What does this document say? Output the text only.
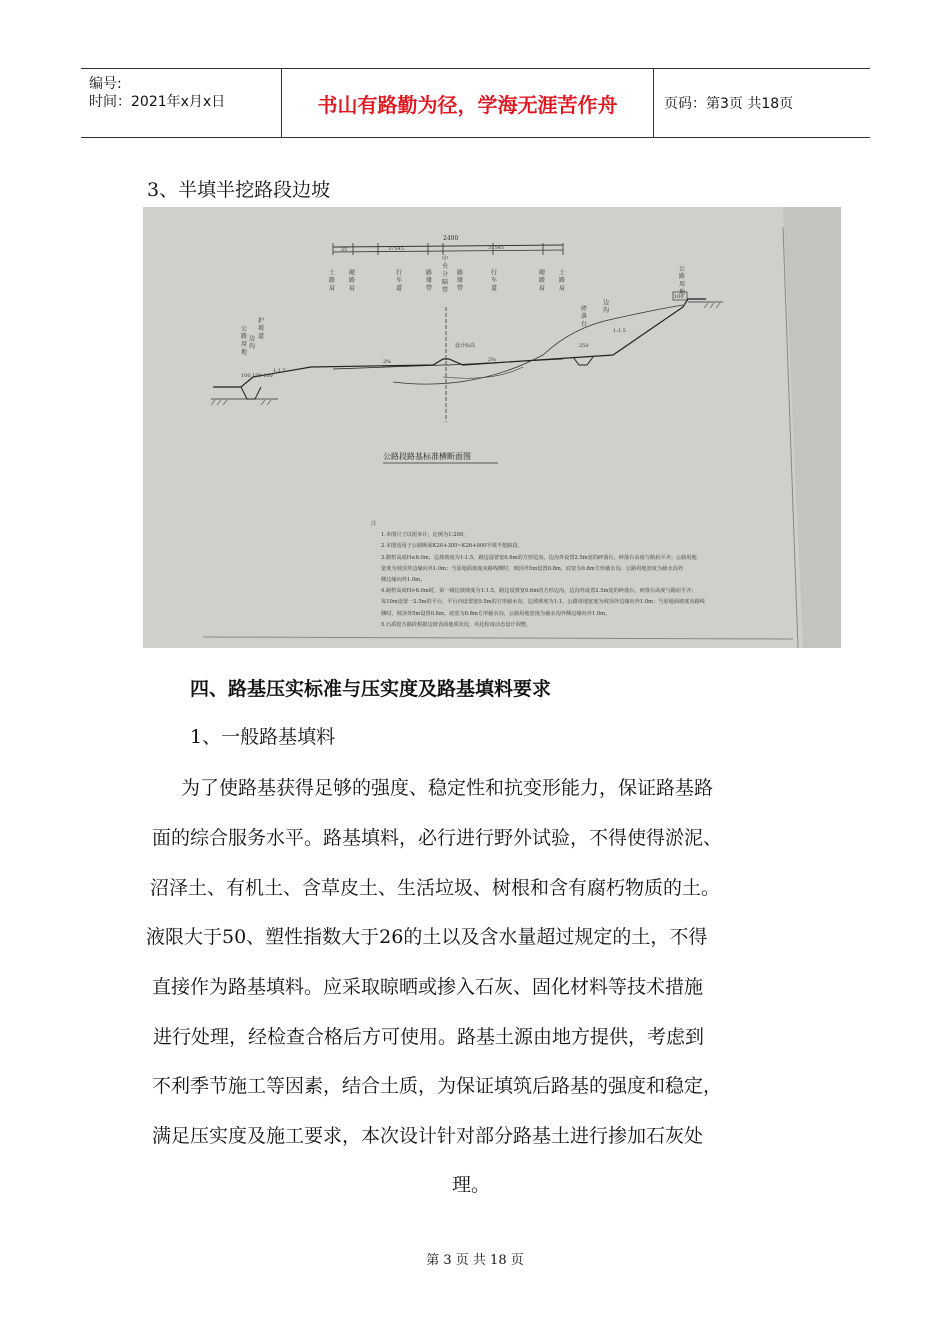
编号:
时间：2021年x月x日	书山有路勤为径，学海无涯苦作舟	页码：第3页 共18页
3、半填半挖路段边坡
2400
25	37545	37545
土 路 肩 硬 路 肩	行 车 道	路 缘 带 中 央 分 隔 带 路 缘 带	行 车 道	硬 路 肩 土 路 肩	公 路 用 地
碎 落 台	边 沟
公 路 用 地 护 坡 道
边 沟
100
1:1.5
1:1.5
250
100 100 100
设计标高
2%	2%
公路段路基标准横断面图
注
1.本图尺寸以厘米计，比例为1:200。
2.本图适用于公路断面K20+300~K26+000半填半挖路段。
3.路堑高度H≤6.0m，边坡坡度为1:1.5，路边设置宽0.6m的方形边沟，边沟外设置2.5m宽的碎落台，碎落台高度与路肩平齐；公路用地
宽度为坡顶外边缘向外1.0m；当原地面坡度向路线侧时，坡顶外5m设置0.8m，底宽为0.8m方形截水沟，公路用地宽度为截水沟外
侧边缘向外1.0m。
4.路堑高度H>6.0m时，第一级边坡坡度为1:1.5，路边设置宽0.6m的方形边沟，边沟外设置2.5m宽的碎落台，碎落台高度与路肩平齐；
每10m设置一2.5m的平台，平台内设置宽0.5m的方形截水沟，边坡坡度为1:1，公路用地宽度为坡顶外边缘向外1.0m；当原地面坡度向路线
侧时，坡顶外5m设置0.8m，底宽为0.8m方形截水沟，公路用地宽度为截水沟外侧边缘向外1.0m。
5.石质挖方路段根据边坡表面地质状况，风化程度动态设计调整。
四、路基压实标准与压实度及路基填料要求
1、一般路基填料
为了使路基获得足够的强度、稳定性和抗变形能力，保证路基路
面的综合服务水平。路基填料，必行进行野外试验，不得使得淤泥、
沼泽土、有机土、含草皮土、生活垃圾、树根和含有腐朽物质的土。
液限大于50、塑性指数大于26的土以及含水量超过规定的土，不得
直接作为路基填料。应采取晾晒或掺入石灰、固化材料等技术措施
进行处理，经检查合格后方可使用。路基土源由地方提供，考虑到
不利季节施工等因素，结合土质，为保证填筑后路基的强度和稳定，
满足压实度及施工要求，本次设计针对部分路基土进行掺加石灰处
理。
第 3 页 共 18 页
